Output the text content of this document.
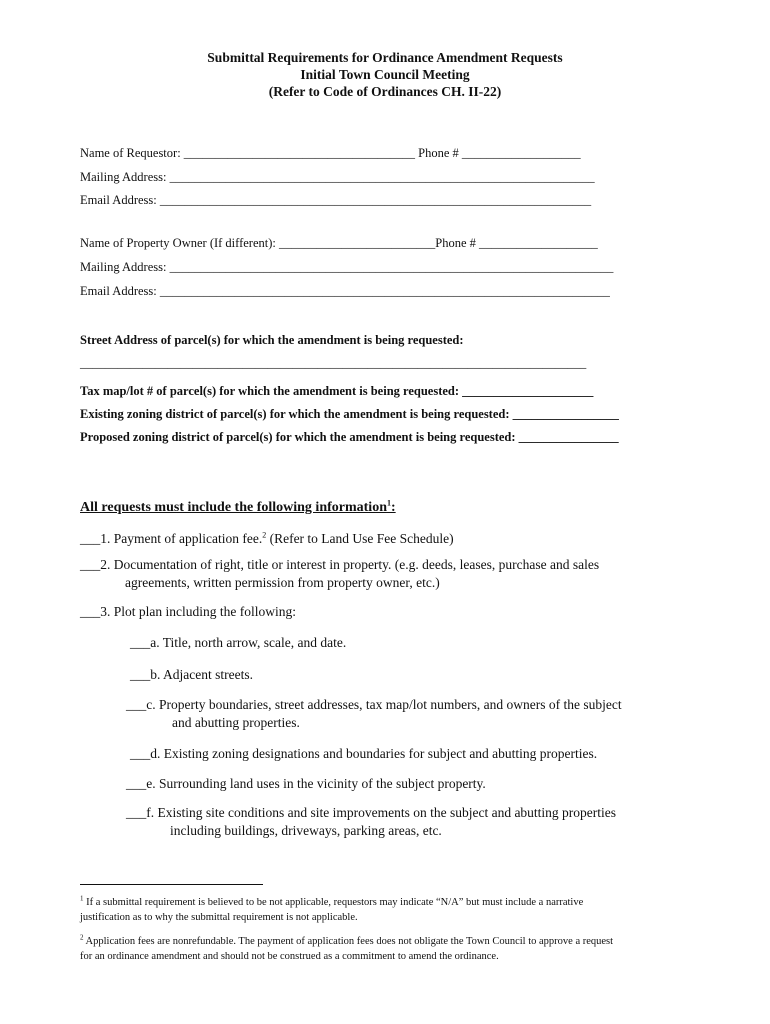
Submittal Requirements for Ordinance Amendment Requests
Initial Town Council Meeting
(Refer to Code of Ordinances CH. II-22)
Name of Requestor: _____________________________________ Phone # ___________________
Mailing Address: ____________________________________________________________________
Email Address: _____________________________________________________________________
Name of Property Owner (If different): _________________________Phone # ___________________
Mailing Address: _______________________________________________________________________
Email Address: ________________________________________________________________________
Street Address of parcel(s) for which the amendment is being requested:
_________________________________________________________________________________
Tax map/lot # of parcel(s) for which the amendment is being requested: _____________________
Existing zoning district of parcel(s) for which the amendment is being requested: _________________
Proposed zoning district of parcel(s) for which the amendment is being requested: ________________
All requests must include the following information$^1$:
___1. Payment of application fee.$^2$ (Refer to Land Use Fee Schedule)
___2. Documentation of right, title or interest in property. (e.g. deeds, leases, purchase and sales
agreements, written permission from property owner, etc.)
___3. Plot plan including the following:
___a. Title, north arrow, scale, and date.
___b. Adjacent streets.
___c. Property boundaries, street addresses, tax map/lot numbers, and owners of the subject
and abutting properties.
___d. Existing zoning designations and boundaries for subject and abutting properties.
___e. Surrounding land uses in the vicinity of the subject property.
___f. Existing site conditions and site improvements on the subject and abutting properties
including buildings, driveways, parking areas, etc.
$^1$ If a submittal requirement is believed to be not applicable, requestors may indicate “N/A” but must include a narrative justification as to why the submittal requirement is not applicable.
$^2$ Application fees are nonrefundable. The payment of application fees does not obligate the Town Council to approve a request for an ordinance amendment and should not be construed as a commitment to amend the ordinance.
